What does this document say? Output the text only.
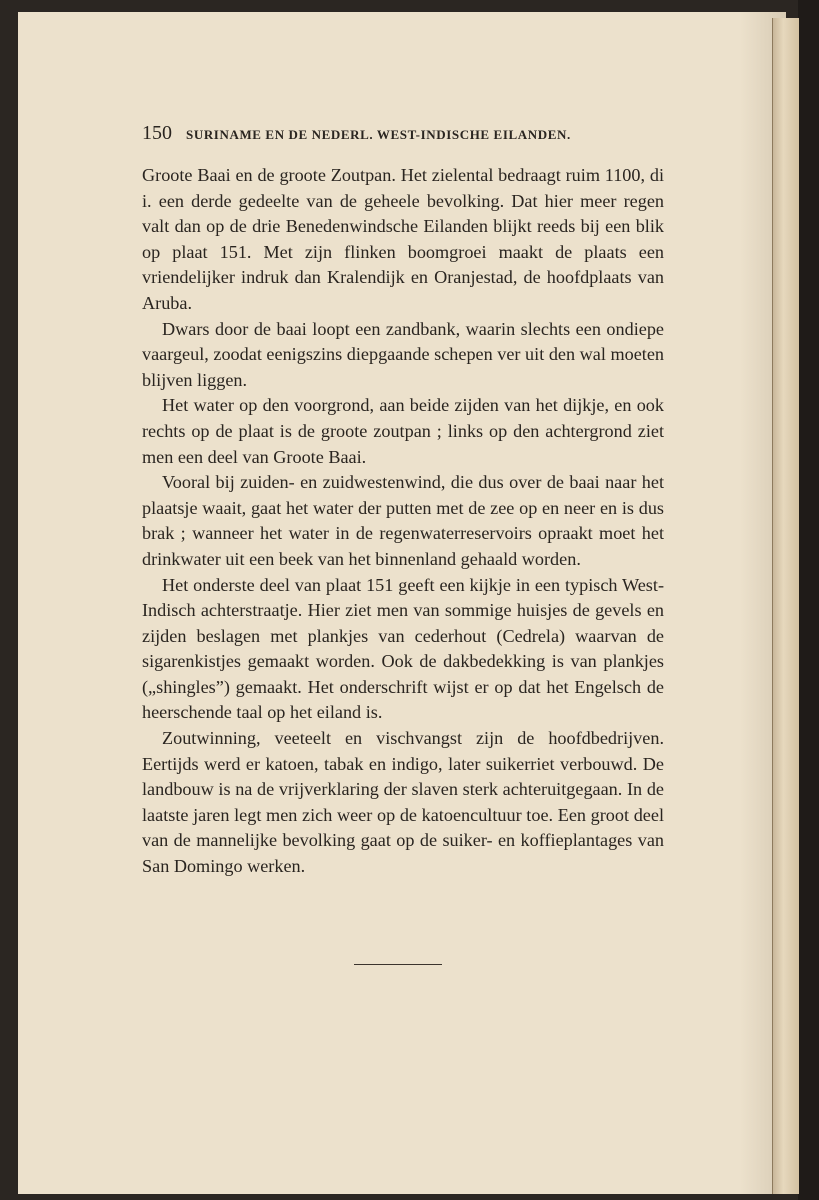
150 SURINAME EN DE NEDERL. WEST-INDISCHE EILANDEN.

Groote Baai en de groote Zoutpan. Het zielental bedraagt ruim 1100, di i. een derde gedeelte van de geheele bevolking. Dat hier meer regen valt dan op de drie Benedenwindsche Eilanden blijkt reeds bij een blik op plaat 151. Met zijn flinken boomgroei maakt de plaats een vriendelijker indruk dan Kralendijk en Oranjestad, de hoofdplaats van Aruba.

Dwars door de baai loopt een zandbank, waarin slechts een ondiepe vaargeul, zoodat eenigszins diepgaande schepen ver uit den wal moeten blijven liggen.

Het water op den voorgrond, aan beide zijden van het dijkje, en ook rechts op de plaat is de groote zoutpan ; links op den achtergrond ziet men een deel van Groote Baai.

Vooral bij zuiden- en zuidwestenwind, die dus over de baai naar het plaatsje waait, gaat het water der putten met de zee op en neer en is dus brak ; wanneer het water in de regenwaterreservoirs opraakt moet het drinkwater uit een beek van het binnenland gehaald worden.

Het onderste deel van plaat 151 geeft een kijkje in een typisch West-Indisch achterstraatje. Hier ziet men van sommige huisjes de gevels en zijden beslagen met plankjes van cederhout (Cedrela) waarvan de sigarenkistjes gemaakt worden. Ook de dakbedekking is van plankjes („shingles”) gemaakt. Het onderschrift wijst er op dat het Engelsch de heerschende taal op het eiland is.

Zoutwinning, veeteelt en vischvangst zijn de hoofdbedrijven. Eertijds werd er katoen, tabak en indigo, later suikerriet verbouwd. De landbouw is na de vrijverklaring der slaven sterk achteruitgegaan. In de laatste jaren legt men zich weer op de katoencultuur toe. Een groot deel van de mannelijke bevolking gaat op de suiker- en koffieplantages van San Domingo werken.
